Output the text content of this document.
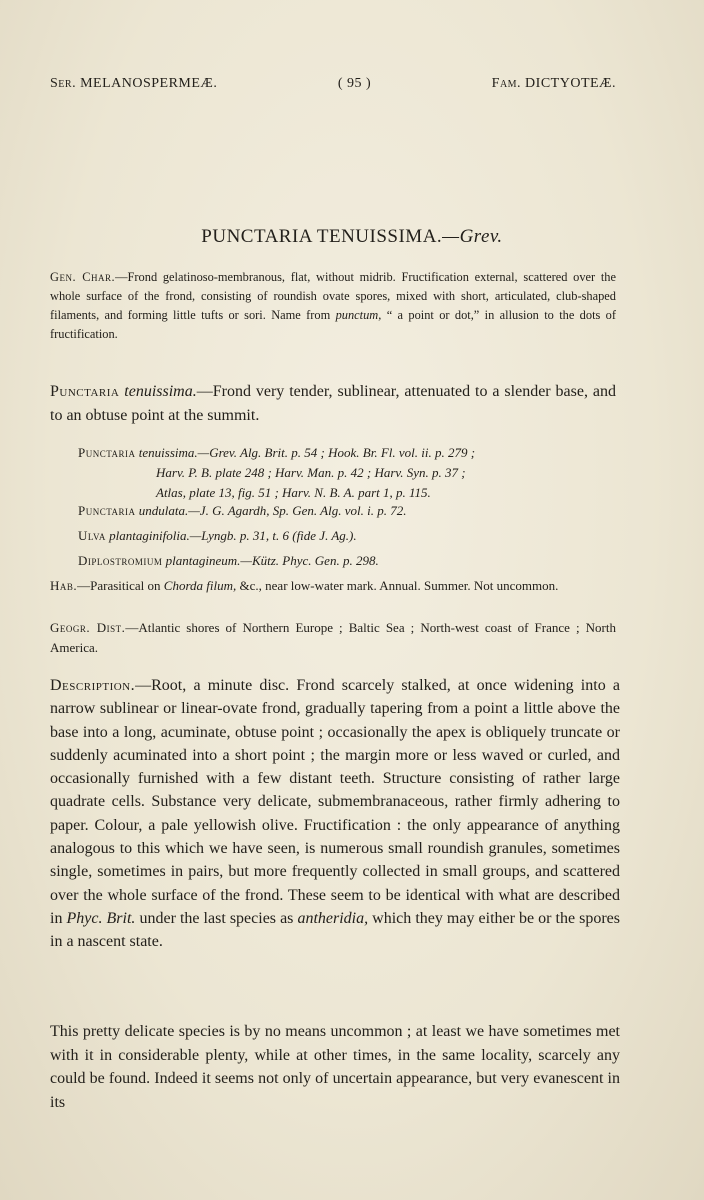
Ser. MELANOSPERMEÆ.	( 95 )	Fam. DICTYOTEÆ.
PUNCTARIA TENUISSIMA.—Grev.
Gen. Char.—Frond gelatinoso-membranous, flat, without midrib. Fructification external, scattered over the whole surface of the frond, consisting of roundish ovate spores, mixed with short, articulated, club-shaped filaments, and forming little tufts or sori. Name from punctum, “ a point or dot,” in allusion to the dots of fructification.
Punctaria tenuissima.—Frond very tender, sublinear, attenuated to a slender base, and to an obtuse point at the summit.
Punctaria tenuissima.—Grev. Alg. Brit. p. 54 ; Hook. Br. Fl. vol. ii. p. 279 ;
Harv. P. B. plate 248 ; Harv. Man. p. 42 ; Harv. Syn. p. 37 ;
Atlas, plate 13, fig. 51 ; Harv. N. B. A. part 1, p. 115.
Punctaria undulata.—J. G. Agardh, Sp. Gen. Alg. vol. i. p. 72.
Ulva plantaginifolia.—Lyngb. p. 31, t. 6 (fide J. Ag.).
Diplostromium plantagineum.—Kütz. Phyc. Gen. p. 298.
Hab.—Parasitical on Chorda filum, &c., near low-water mark. Annual. Summer. Not uncommon.
Geogr. Dist.—Atlantic shores of Northern Europe ; Baltic Sea ; North-west coast of France ; North America.
Description.—Root, a minute disc. Frond scarcely stalked, at once widening into a narrow sublinear or linear-ovate frond, gradually tapering from a point a little above the base into a long, acuminate, obtuse point ; occasionally the apex is obliquely truncate or suddenly acuminated into a short point ; the margin more or less waved or curled, and occasionally furnished with a few distant teeth. Structure consisting of rather large quadrate cells. Substance very delicate, submembranaceous, rather firmly adhering to paper. Colour, a pale yellowish olive. Fructification : the only appearance of anything analogous to this which we have seen, is numerous small roundish granules, sometimes single, sometimes in pairs, but more frequently collected in small groups, and scattered over the whole surface of the frond. These seem to be identical with what are described in Phyc. Brit. under the last species as antheridia, which they may either be or the spores in a nascent state.
This pretty delicate species is by no means uncommon ; at least we have sometimes met with it in considerable plenty, while at other times, in the same locality, scarcely any could be found. Indeed it seems not only of uncertain appearance, but very evanescent in its
